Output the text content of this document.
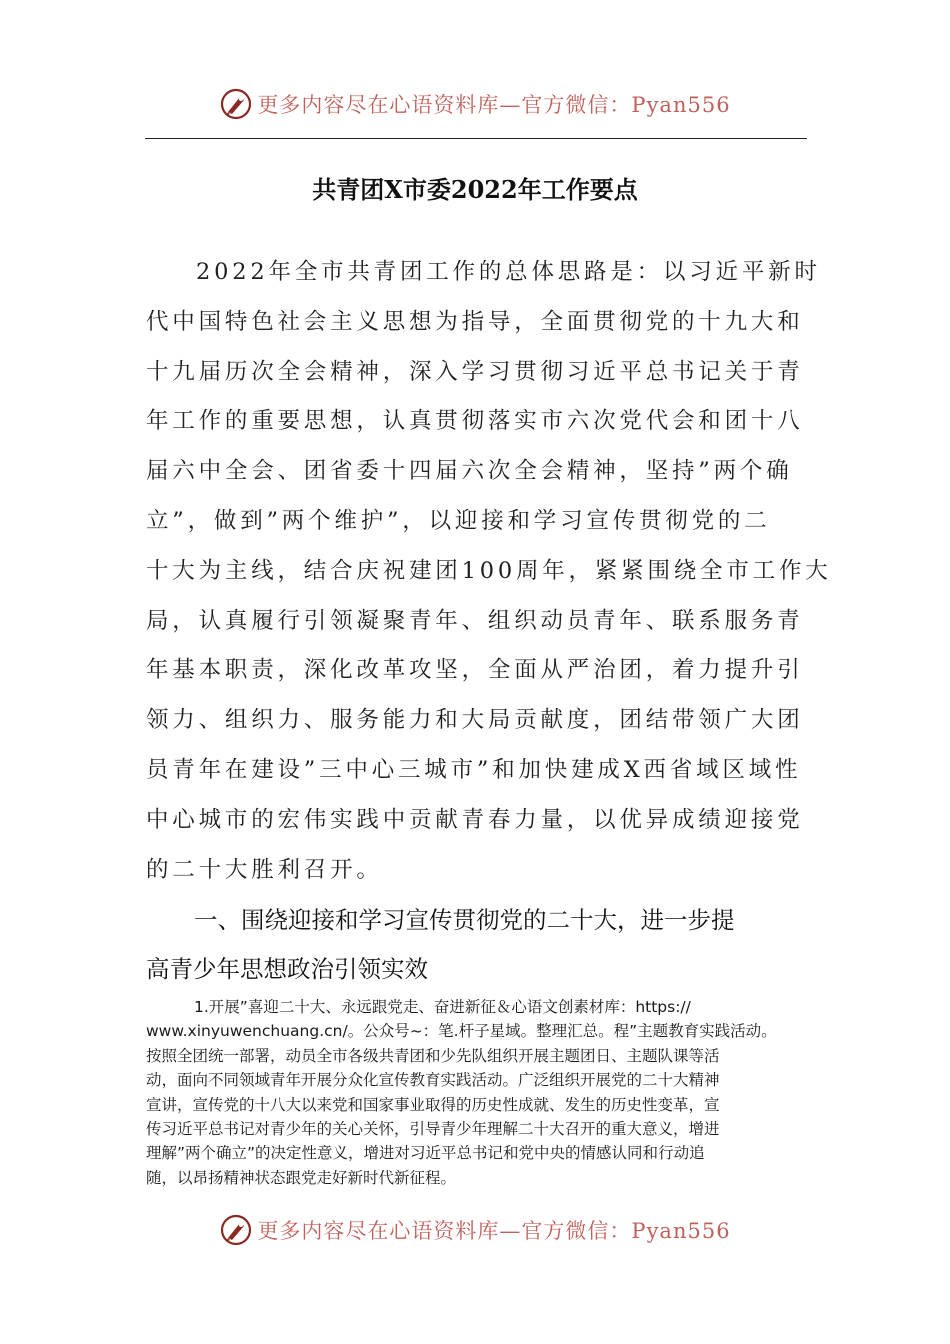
更多内容尽在心语资料库—官方微信：Pyan556
共青团X市委2022年工作要点
2022年全市共青团工作的总体思路是：以习近平新时
代中国特色社会主义思想为指导，全面贯彻党的十九大和
十九届历次全会精神，深入学习贯彻习近平总书记关于青
年工作的重要思想，认真贯彻落实市六次党代会和团十八
届六中全会、团省委十四届六次全会精神，坚持”两个确
立”，做到”两个维护”，以迎接和学习宣传贯彻党的二
十大为主线，结合庆祝建团100周年，紧紧围绕全市工作大
局，认真履行引领凝聚青年、组织动员青年、联系服务青
年基本职责，深化改革攻坚，全面从严治团，着力提升引
领力、组织力、服务能力和大局贡献度，团结带领广大团
员青年在建设”三中心三城市”和加快建成X西省域区域性
中心城市的宏伟实践中贡献青春力量，以优异成绩迎接党
的二十大胜利召开。
一、围绕迎接和学习宣传贯彻党的二十大，进一步提
高青少年思想政治引领实效
1.开展”喜迎二十大、永远跟党走、奋进新征＆心语文创素材库：https://
www.xinyuwenchuang.cn/。公众号~：笔.杆子星域。整理汇总。程”主题教育实践活动。
按照全团统一部署，动员全市各级共青团和少先队组织开展主题团日、主题队课等活
动，面向不同领域青年开展分众化宣传教育实践活动。广泛组织开展党的二十大精神
宣讲，宣传党的十八大以来党和国家事业取得的历史性成就、发生的历史性变革，宣
传习近平总书记对青少年的关心关怀，引导青少年理解二十大召开的重大意义，增进
理解”两个确立”的决定性意义，增进对习近平总书记和党中央的情感认同和行动追
随，以昂扬精神状态跟党走好新时代新征程。
更多内容尽在心语资料库—官方微信：Pyan556
